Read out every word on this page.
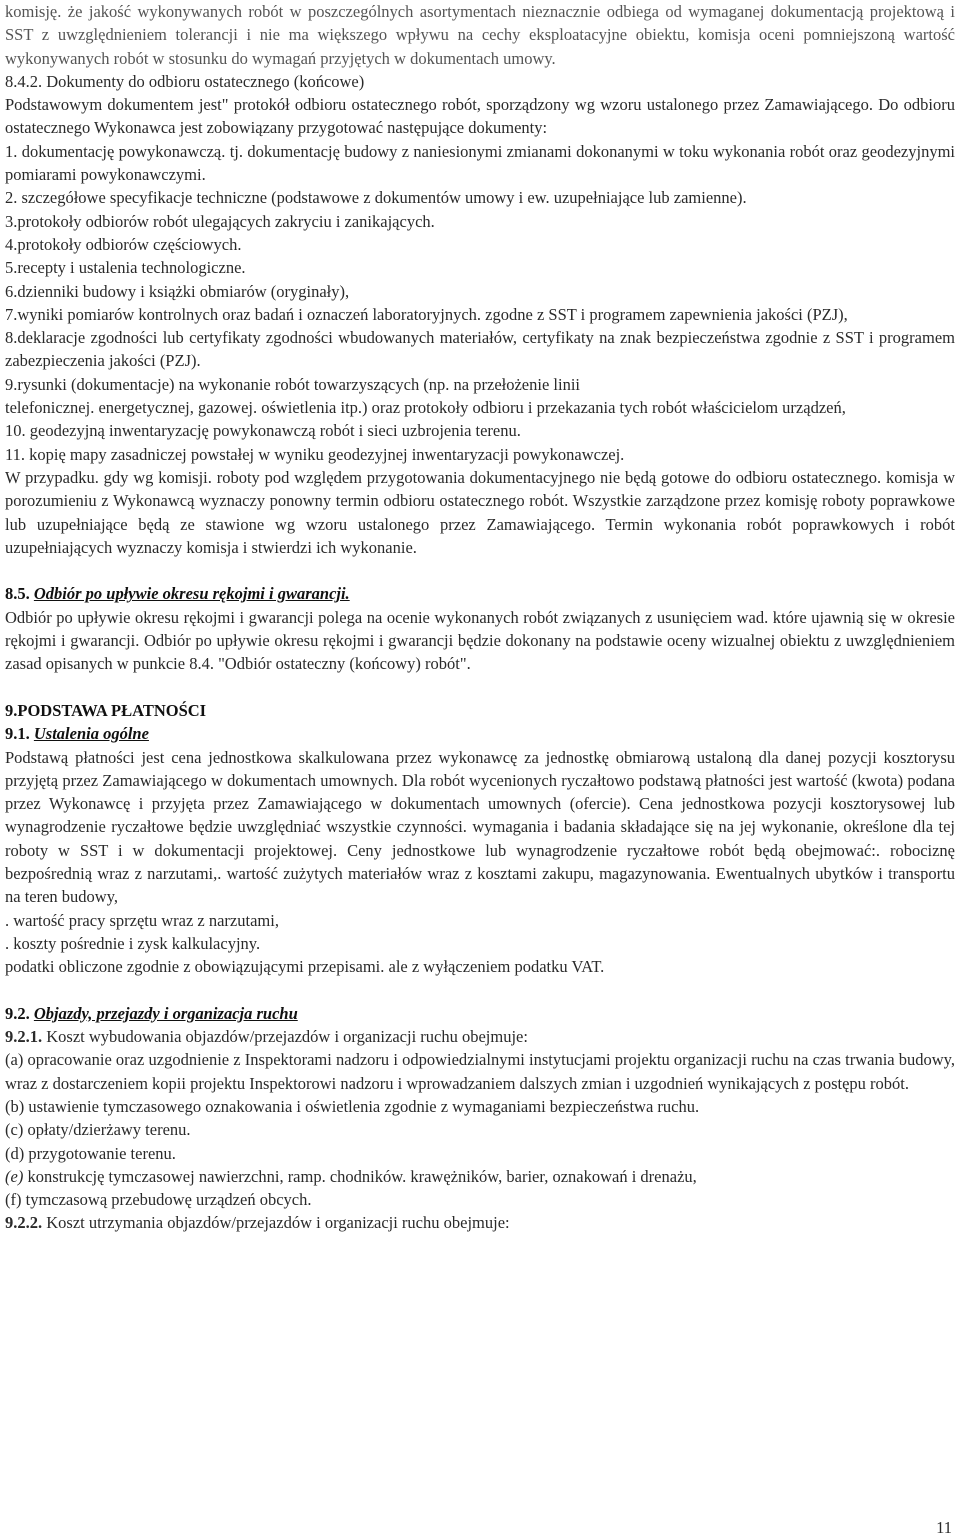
komisję. że jakość wykonywanych robót w poszczególnych asortymentach nieznacznie odbiega od wymaganej dokumentacją projektową i SST z uwzględnieniem tolerancji i nie ma większego wpływu na cechy eksploatacyjne obiektu, komisja oceni pomniejszoną wartość wykonywanych robót w stosunku do wymagań przyjętych w dokumentach umowy.

8.4.2. Dokumenty do odbioru ostatecznego (końcowe)

Podstawowym dokumentem jest" protokół odbioru ostatecznego robót, sporządzony wg wzoru ustalonego przez Zamawiającego. Do odbioru ostatecznego Wykonawca jest zobowiązany przygotować następujące dokumenty:

1. dokumentację powykonawczą. tj. dokumentację budowy z naniesionymi zmianami dokonanymi w toku wykonania robót oraz geodezyjnymi pomiarami powykonawczymi.

2. szczegółowe specyfikacje techniczne (podstawowe z dokumentów umowy i ew. uzupełniające lub zamienne).

3.protokoły odbiorów robót ulegających zakryciu i zanikających.

4.protokoły odbiorów częściowych.

5.recepty i ustalenia technologiczne.

6.dzienniki budowy i książki obmiarów (oryginały),

7.wyniki pomiarów kontrolnych oraz badań i oznaczeń laboratoryjnych. zgodne z SST i programem zapewnienia jakości (PZJ),

8.deklaracje zgodności lub certyfikaty zgodności wbudowanych materiałów, certyfikaty na znak bezpieczeństwa zgodnie z SST i programem zabezpieczenia jakości (PZJ).

9.rysunki (dokumentacje) na wykonanie robót towarzyszących (np. na przełożenie linii

telefonicznej. energetycznej, gazowej. oświetlenia itp.) oraz protokoły odbioru i przekazania tych robót właścicielom urządzeń,

10. geodezyjną inwentaryzację powykonawczą robót i sieci uzbrojenia terenu.

11. kopię mapy zasadniczej powstałej w wyniku geodezyjnej inwentaryzacji powykonawczej.

W przypadku. gdy wg komisji. roboty pod względem przygotowania dokumentacyjnego nie będą gotowe do odbioru ostatecznego. komisja w porozumieniu z Wykonawcą wyznaczy ponowny termin odbioru ostatecznego robót. Wszystkie zarządzone przez komisję roboty poprawkowe lub uzupełniające będą ze stawione wg wzoru ustalonego przez Zamawiającego. Termin wykonania robót poprawkowych i robót uzupełniających wyznaczy komisja i stwierdzi ich wykonanie.

8.5. Odbiór po upływie okresu rękojmi i gwarancji.

Odbiór po upływie okresu rękojmi i gwarancji polega na ocenie wykonanych robót związanych z usunięciem wad. które ujawnią się w okresie rękojmi i gwarancji. Odbiór po upływie okresu rękojmi i gwarancji będzie dokonany na podstawie oceny wizualnej obiektu z uwzględnieniem zasad opisanych w punkcie 8.4. "Odbiór ostateczny (końcowy) robót".

9.PODSTAWA PŁATNOŚCI

9.1. Ustalenia ogólne

Podstawą płatności jest cena jednostkowa skalkulowana przez wykonawcę za jednostkę obmiarową ustaloną dla danej pozycji kosztorysu przyjętą przez Zamawiającego w dokumentach umownych. Dla robót wycenionych ryczałtowo podstawą płatności jest wartość (kwota) podana przez Wykonawcę i przyjęta przez Zamawiającego w dokumentach umownych (ofercie). Cena jednostkowa pozycji kosztorysowej lub wynagrodzenie ryczałtowe będzie uwzględniać wszystkie czynności. wymagania i badania składające się na jej wykonanie, określone dla tej roboty w SST i w dokumentacji projektowej. Ceny jednostkowe lub wynagrodzenie ryczałtowe robót będą obejmować:. robociznę bezpośrednią wraz z narzutami,. wartość zużytych materiałów wraz z kosztami zakupu, magazynowania. Ewentualnych ubytków i transportu na teren budowy,

. wartość pracy sprzętu wraz z narzutami,

. koszty pośrednie i zysk kalkulacyjny.

podatki obliczone zgodnie z obowiązującymi przepisami. ale z wyłączeniem podatku VAT.

9.2. Objazdy, przejazdy i organizacja ruchu

9.2.1. Koszt wybudowania objazdów/przejazdów i organizacji ruchu obejmuje:

(a) opracowanie oraz uzgodnienie z Inspektorami nadzoru i odpowiedzialnymi instytucjami projektu organizacji ruchu na czas trwania budowy, wraz z dostarczeniem kopii projektu Inspektorowi nadzoru i wprowadzaniem dalszych zmian i uzgodnień wynikających z postępu robót.

(b) ustawienie tymczasowego oznakowania i oświetlenia zgodnie z wymaganiami bezpieczeństwa ruchu.

(c) opłaty/dzierżawy terenu.

(d) przygotowanie terenu.

(e) konstrukcję tymczasowej nawierzchni, ramp. chodników. krawężników, barier, oznakowań i drenażu,

(f) tymczasową przebudowę urządzeń obcych.

9.2.2. Koszt utrzymania objazdów/przejazdów i organizacji ruchu obejmuje:

11
